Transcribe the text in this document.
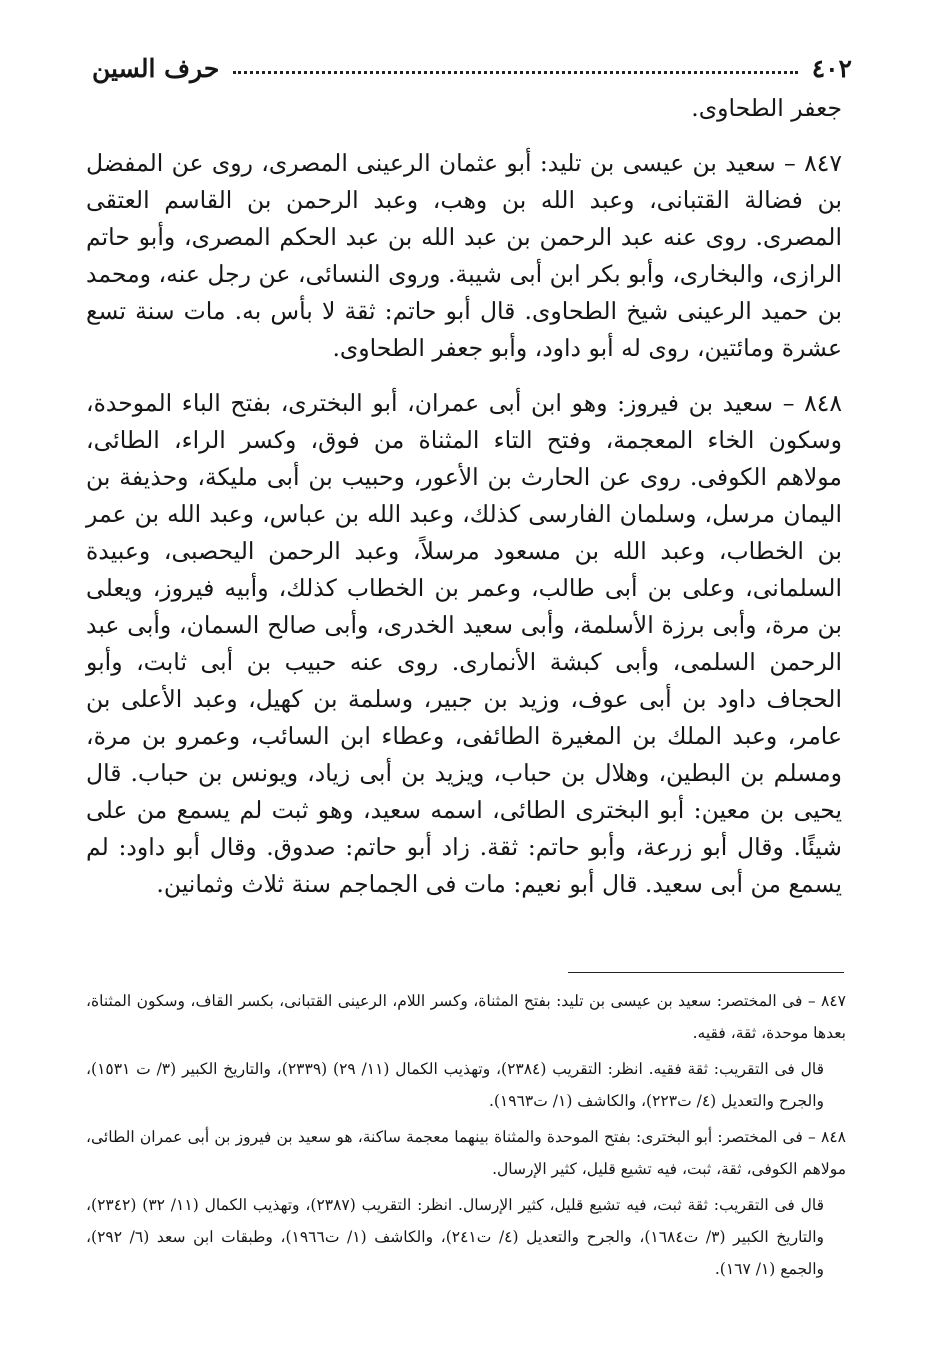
٤٠٢
حرف السين

جعفر الطحاوى.

٨٤٧ – سعيد بن عيسى بن تليد: أبو عثمان الرعينى المصرى، روى عن المفضل بن فضالة القتبانى، وعبد الله بن وهب، وعبد الرحمن بن القاسم العتقى المصرى. روى عنه عبد الرحمن بن عبد الله بن عبد الحكم المصرى، وأبو حاتم الرازى، والبخارى، وأبو بكر ابن أبى شيبة. وروى النسائى، عن رجل عنه، ومحمد بن حميد الرعينى شيخ الطحاوى. قال أبو حاتم: ثقة لا بأس به. مات سنة تسع عشرة ومائتين، روى له أبو داود، وأبو جعفر الطحاوى.

٨٤٨ – سعيد بن فيروز: وهو ابن أبى عمران، أبو البخترى، بفتح الباء الموحدة، وسكون الخاء المعجمة، وفتح التاء المثناة من فوق، وكسر الراء، الطائى، مولاهم الكوفى. روى عن الحارث بن الأعور، وحبيب بن أبى مليكة، وحذيفة بن اليمان مرسل، وسلمان الفارسى كذلك، وعبد الله بن عباس، وعبد الله بن عمر بن الخطاب، وعبد الله بن مسعود مرسلاً، وعبد الرحمن اليحصبى، وعبيدة السلمانى، وعلى بن أبى طالب، وعمر بن الخطاب كذلك، وأبيه فيروز، ويعلى بن مرة، وأبى برزة الأسلمة، وأبى سعيد الخدرى، وأبى صالح السمان، وأبى عبد الرحمن السلمى، وأبى كبشة الأنمارى. روى عنه حبيب بن أبى ثابت، وأبو الحجاف داود بن أبى عوف، وزيد بن جبير، وسلمة بن كهيل، وعبد الأعلى بن عامر، وعبد الملك بن المغيرة الطائفى، وعطاء ابن السائب، وعمرو بن مرة، ومسلم بن البطين، وهلال بن حباب، ويزيد بن أبى زياد، ويونس بن حباب. قال يحيى بن معين: أبو البخترى الطائى، اسمه سعيد، وهو ثبت لم يسمع من على شيئًا. وقال أبو زرعة، وأبو حاتم: ثقة. زاد أبو حاتم: صدوق. وقال أبو داود: لم يسمع من أبى سعيد. قال أبو نعيم: مات فى الجماجم سنة ثلاث وثمانين.

٨٤٧ – فى المختصر: سعيد بن عيسى بن تليد: بفتح المثناة، وكسر اللام، الرعينى القتبانى، بكسر القاف، وسكون المثناة، بعدها موحدة، ثقة، فقيه.

قال فى التقريب: ثقة فقيه. انظر: التقريب (٢٣٨٤)، وتهذيب الكمال (١١/ ٢٩) (٢٣٣٩)، والتاريخ الكبير (٣/ ت ١٥٣١)، والجرح والتعديل (٤/ ت٢٢٣)، والكاشف (١/ ت١٩٦٣).

٨٤٨ – فى المختصر: أبو البخترى: بفتح الموحدة والمثناة بينهما معجمة ساكنة، هو سعيد بن فيروز بن أبى عمران الطائى، مولاهم الكوفى، ثقة، ثبت، فيه تشيع قليل، كثير الإرسال.

قال فى التقريب: ثقة ثبت، فيه تشيع قليل، كثير الإرسال. انظر: التقريب (٢٣٨٧)، وتهذيب الكمال (١١/ ٣٢) (٢٣٤٢)، والتاريخ الكبير (٣/ ت١٦٨٤)، والجرح والتعديل (٤/ ت٢٤١)، والكاشف (١/ ت١٩٦٦)، وطبقات ابن سعد (٦/ ٢٩٢)، والجمع (١/ ١٦٧).
